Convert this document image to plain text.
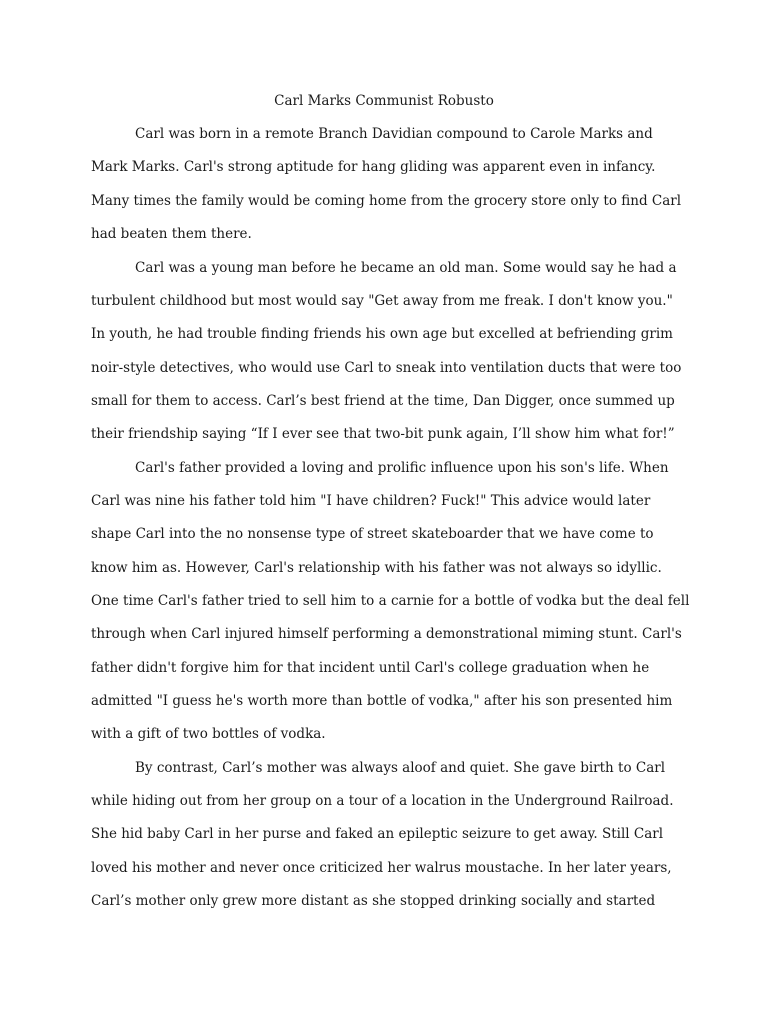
Carl Marks Communist Robusto
Carl was born in a remote Branch Davidian compound to Carole Marks and
Mark Marks. Carl's strong aptitude for hang gliding was apparent even in infancy.
Many times the family would be coming home from the grocery store only to find Carl
had beaten them there.
Carl was a young man before he became an old man. Some would say he had a
turbulent childhood but most would say "Get away from me freak. I don't know you."
In youth, he had trouble finding friends his own age but excelled at befriending grim
noir-style detectives, who would use Carl to sneak into ventilation ducts that were too
small for them to access. Carl’s best friend at the time, Dan Digger, once summed up
their friendship saying “If I ever see that two-bit punk again, I’ll show him what for!”
Carl's father provided a loving and prolific influence upon his son's life. When
Carl was nine his father told him "I have children? Fuck!" This advice would later
shape Carl into the no nonsense type of street skateboarder that we have come to
know him as. However, Carl's relationship with his father was not always so idyllic.
One time Carl's father tried to sell him to a carnie for a bottle of vodka but the deal fell
through when Carl injured himself performing a demonstrational miming stunt. Carl's
father didn't forgive him for that incident until Carl's college graduation when he
admitted "I guess he's worth more than bottle of vodka," after his son presented him
with a gift of two bottles of vodka.
By contrast, Carl’s mother was always aloof and quiet. She gave birth to Carl
while hiding out from her group on a tour of a location in the Underground Railroad.
She hid baby Carl in her purse and faked an epileptic seizure to get away. Still Carl
loved his mother and never once criticized her walrus moustache. In her later years,
Carl’s mother only grew more distant as she stopped drinking socially and started
